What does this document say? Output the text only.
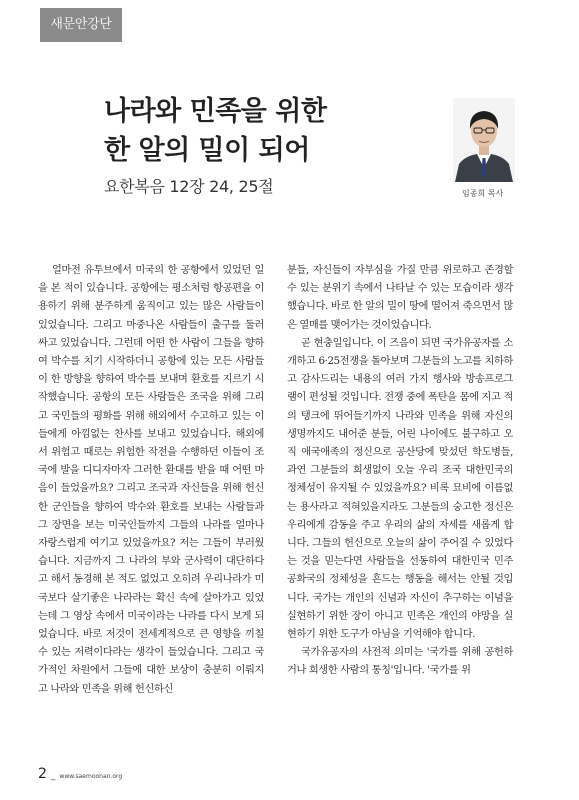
새문안강단
나라와 민족을 위한
한 알의 밀이 되어
요한복음 12장 24, 25절	임종희 목사

얼마전 유투브에서 미국의 한 공항에서 있었던 일을 본 적이 있습니다. 공항에는 평소처럼 항공편을 이용하기 위해 분주하게 움직이고 있는 많은 사람들이 있었습니다. 그리고 마중나온 사람들이 출구를 둘러싸고 있었습니다. 그런데 어떤 한 사람이 그들을 향하여 박수를 치기 시작하더니 공항에 있는 모든 사람들이 한 방향을 향하여 박수를 보내며 환호를 지르기 시작했습니다. 공항의 모든 사람들은 조국을 위해 그리고 국민들의 평화를 위해 해외에서 수고하고 있는 이들에게 아낌없는 찬사를 보내고 있었습니다. 해외에서 위험고 때로는 위험한 작전을 수행하던 이들이 조국에 발을 디디자마자 그러한 환대를 받을 때 어떤 마음이 들었을까요? 그리고 조국과 자신들을 위해 헌신한 군인들을 향하여 박수와 환호를 보내는 사람들과 그 장면을 보는 미국인들까지 그들의 나라를 얼마나 자랑스럽게 여기고 있었을까요? 저는 그들이 부러웠습니다. 지금까지 그 나라의 부와 군사력이 대단하다고 해서 동경해 본 적도 없었고 오히려 우리나라가 미국보다 살기좋은 나라라는 확신 속에 살아가고 있었는데 그 영상 속에서 미국이라는 나라를 다시 보게 되었습니다. 바로 저것이 전세계적으로 큰 영향을 끼칠 수 있는 저력이다라는 생각이 들었습니다. 그리고 국가적인 차원에서 그들에 대한 보상이 충분히 이뤄지고 나라와 민족을 위해 헌신하신

분들, 자신들이 자부심을 가질 만큼 위로하고 존경할 수 있는 분위기 속에서 나타날 수 있는 모습이라 생각했습니다. 바로 한 알의 밀이 땅에 떨어져 죽으면서 많은 열매를 맺어가는 것이었습니다.

곧 현충일입니다. 이 즈음이 되면 국가유공자를 소개하고 6·25전쟁을 돌아보며 그분들의 노고를 치하하고 감사드리는 내용의 여러 가지 행사와 방송프로그램이 편성될 것입니다. 전쟁 중에 폭탄을 몸에 지고 적의 탱크에 뛰어들기까지 나라와 민족을 위해 자신의 생명까지도 내어준 분들, 어린 나이에도 불구하고 오직 애국애족의 정신으로 공산당에 맞섰던 학도병들, 과연 그분들의 희생없이 오늘 우리 조국 대한민국의 정체성이 유지될 수 있었을까요? 비록 묘비에 이름없는 용사라고 적혀있을지라도 그분들의 숭고한 정신은 우리에게 감동을 주고 우리의 삶의 자세를 새롭게 합니다. 그들의 헌신으로 오늘의 삶이 주어질 수 있었다는 것을 믿는다면 사람들을 선동하여 대한민국 민주공화국의 정체성을 흔드는 행동을 해서는 안될 것입니다. 국가는 개인의 신념과 자신이 추구하는 이념을 실현하기 위한 장이 아니고 민족은 개인의 야망을 실현하기 위한 도구가 아님을 기억해야 합니다.

국가유공자의 사전적 의미는 '국가를 위해 공헌하거나 희생한 사람의 통칭'입니다. '국가를 위

2 _ www.saemoonan.org
